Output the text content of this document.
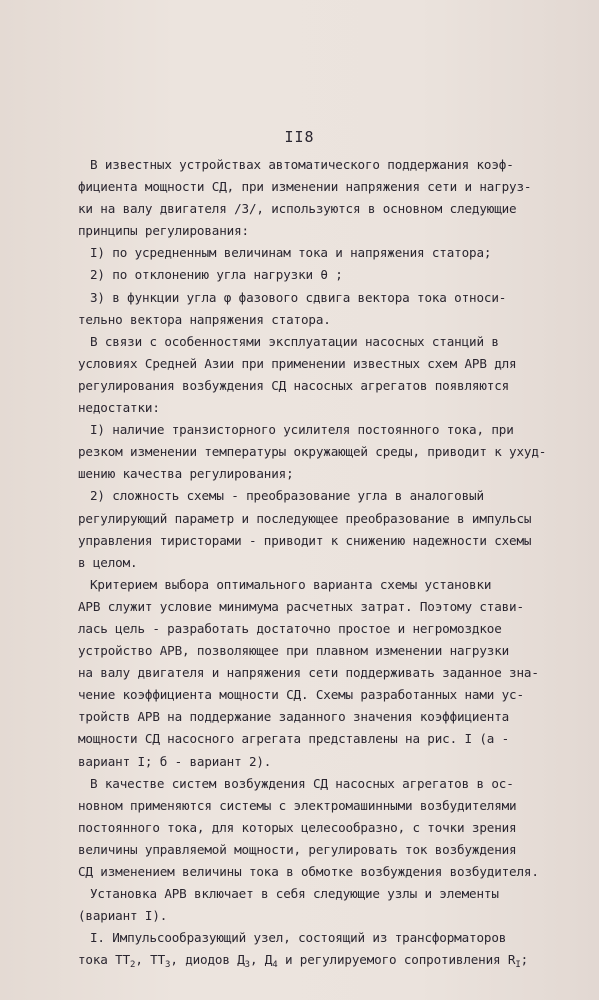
II8
В известных устройствах автоматического поддержания коэф-
фициента мощности СД, при изменении напряжения сети и нагруз-
ки на валу двигателя /3/, используются в основном следующие
принципы регулирования:
I) по усредненным величинам тока и напряжения статора;
2) по отклонению угла нагрузки θ ;
3) в функции угла φ фазового сдвига вектора тока относи-
тельно вектора напряжения статора.
В связи с особенностями эксплуатации насосных станций в
условиях Средней Азии при применении известных схем АРВ для
регулирования возбуждения СД насосных агрегатов появляются
недостатки:
I) наличие транзисторного усилителя постоянного тока, при
резком изменении температуры окружающей среды, приводит к ухуд-
шению качества регулирования;
2) сложность схемы - преобразование угла в аналоговый
регулирующий параметр и последующее преобразование в импульсы
управления тиристорами - приводит к снижению надежности схемы
в целом.
Критерием выбора оптимального варианта схемы установки
АРВ служит условие минимума расчетных затрат. Поэтому стави-
лась цель - разработать достаточно простое и негромоздкое
устройство АРВ, позволяющее при плавном изменении нагрузки
на валу двигателя и напряжения сети поддерживать заданное зна-
чение коэффициента мощности СД. Схемы разработанных нами ус-
тройств АРВ на поддержание заданного значения коэффициента
мощности СД насосного агрегата представлены на рис. I (а -
вариант I; б - вариант 2).
В качестве систем возбуждения СД насосных агрегатов в ос-
новном применяются системы с электромашинными возбудителями
постоянного тока, для которых целесообразно, с точки зрения
величины управляемой мощности, регулировать ток возбуждения
СД изменением величины тока в обмотке возбуждения возбудителя.
Установка АРВ включает в себя следующие узлы и элементы
(вариант I).
I. Импульсообразующий узел, состоящий из трансформаторов
тока $ТТ_2$, $ТТ_3$, диодов $Д_3$, $Д_4$ и регулируемого сопротивления $R_I$;
